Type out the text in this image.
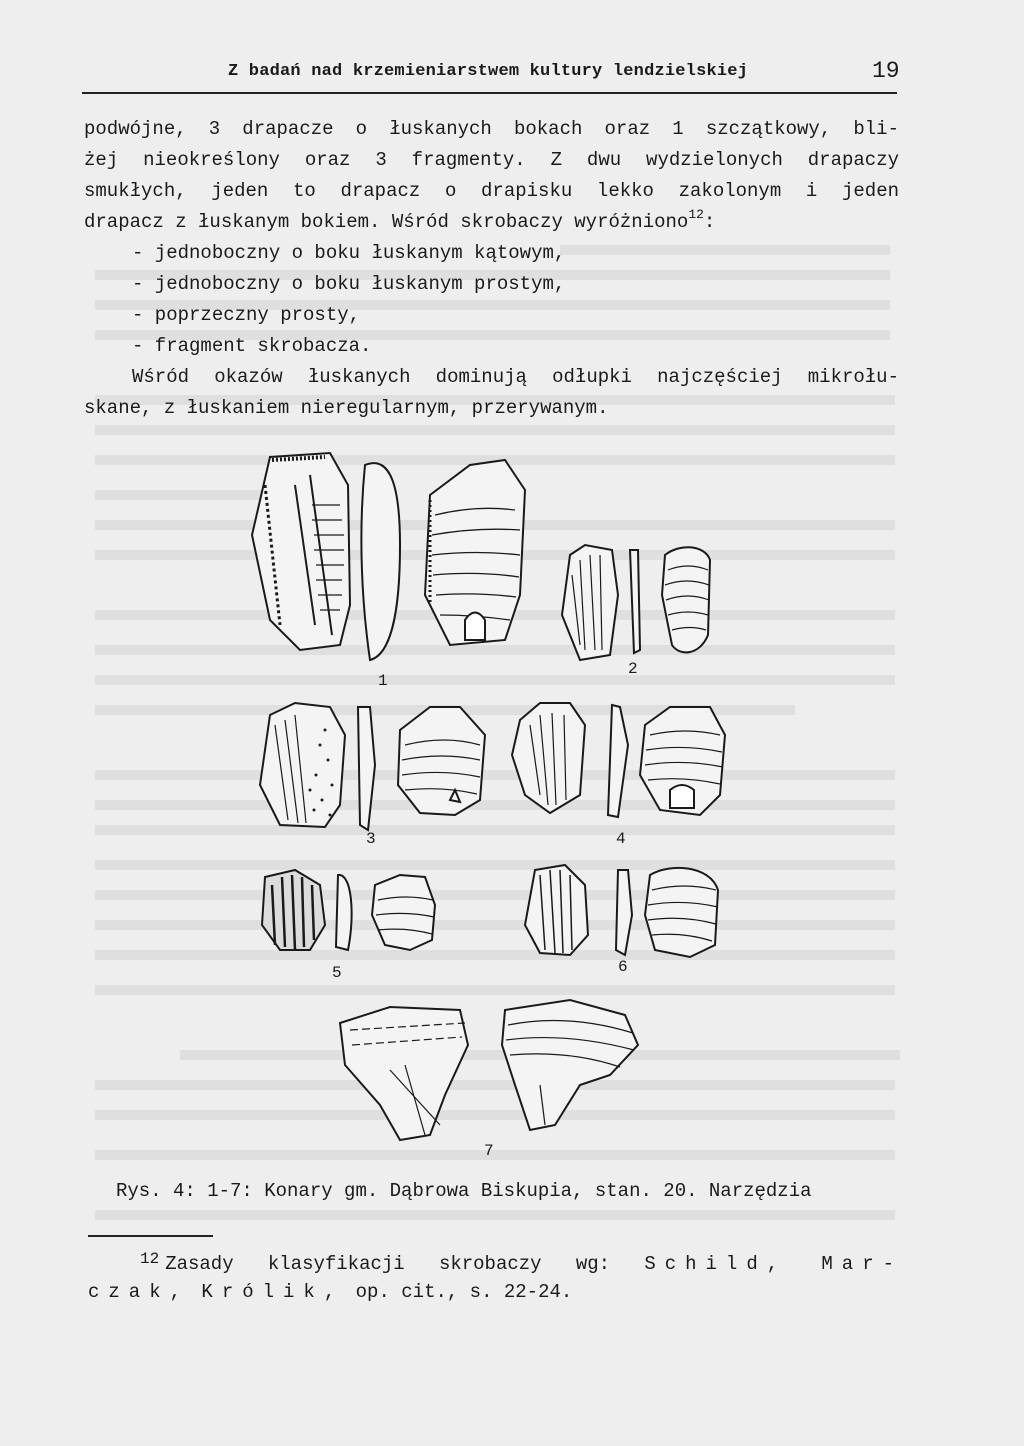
Z badań nad krzemieniarstwem kultury lendzielskiej	19

podwójne, 3 drapacze o łuskanych bokach oraz 1 szczątkowy, bli-

żej nieokreślony oraz 3 fragmenty. Z dwu wydzielonych drapaczy

smukłych, jeden to drapacz o drapisku lekko zakolonym i jeden

drapacz z łuskanym bokiem. Wśród skrobaczy wyróżniono$^{12}$:

- jednoboczny o boku łuskanym kątowym,

- jednoboczny o boku łuskanym prostym,

- poprzeczny prosty,

- fragment skrobacza.

Wśród okazów łuskanych dominują odłupki najczęściej mikrołu-

skane, z łuskaniem nieregularnym, przerywanym.

1
2
3	4
5	6
7
Rys. 4: 1-7: Konary gm. Dąbrowa Biskupia, stan. 20. Narzędzia
$^{12}$ Zasady klasyfikacji skrobaczy wg: Schild, Mar-
czak, Królik, op. cit., s. 22-24.
